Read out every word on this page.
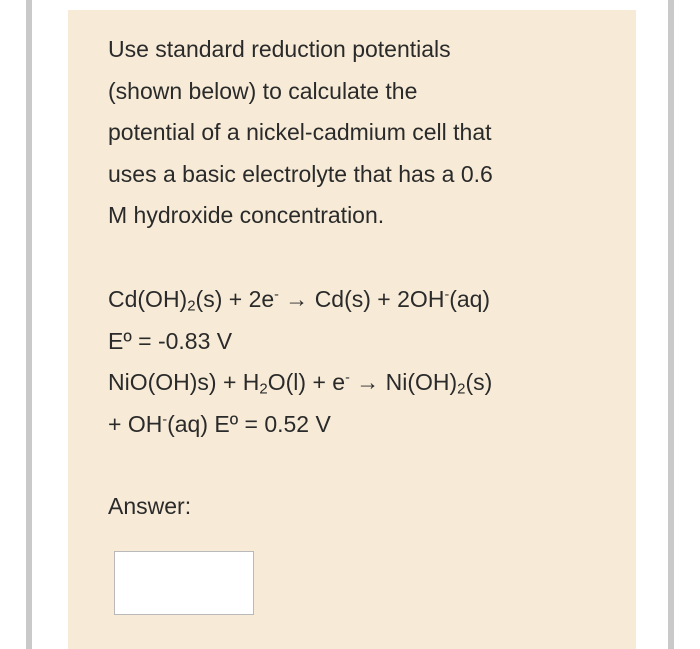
Use standard reduction potentials
(shown below) to calculate the
potential of a nickel-cadmium cell that
uses a basic electrolyte that has a 0.6
M hydroxide concentration.
$Cd(OH)_2(s) + 2e^- \to Cd(s) + 2OH^-(aq)$
Eº = -0.83 V
$NiO(OH)s) + H_2O(l) + e^- \to Ni(OH)_2(s)$
+ OH-(aq) Eº = 0.52 V
Answer:
